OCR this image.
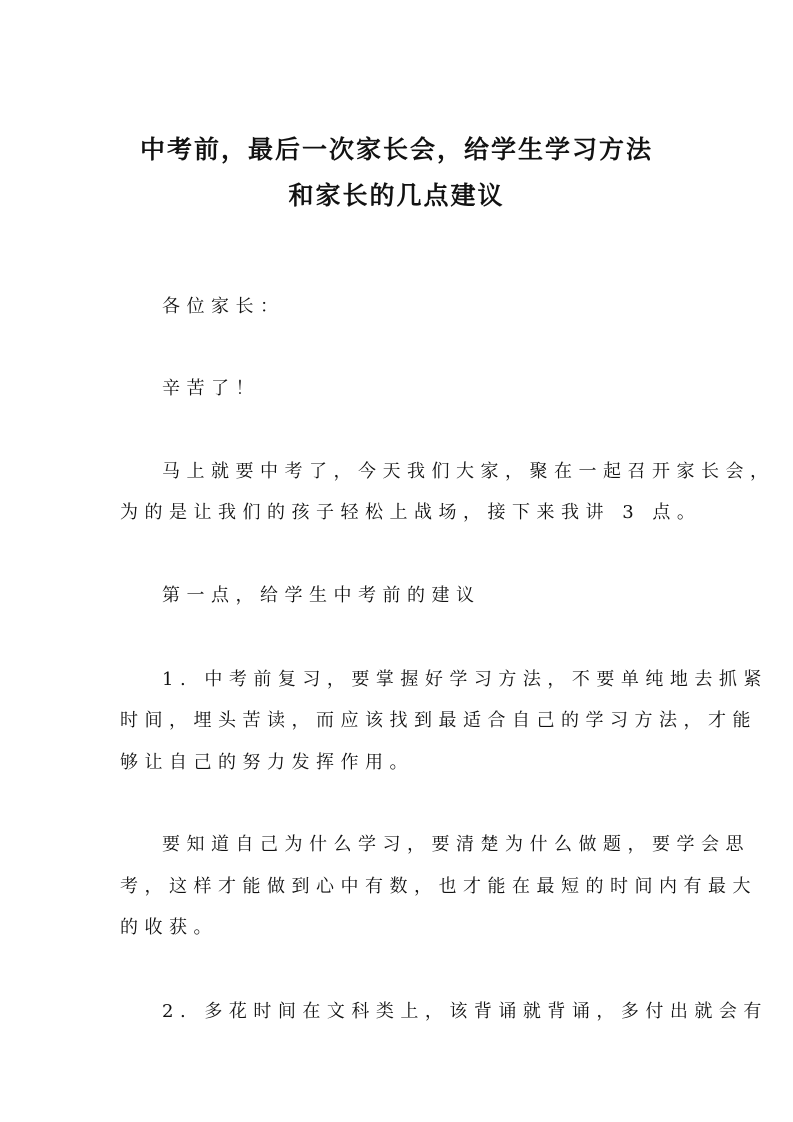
中考前，最后一次家长会，给学生学习方法
和家长的几点建议
各位家长：
辛苦了！
马上就要中考了，今天我们大家，聚在一起召开家长会，
为的是让我们的孩子轻松上战场，接下来我讲 3 点。
第一点，给学生中考前的建议
1. 中考前复习，要掌握好学习方法，不要单纯地去抓紧
时间，埋头苦读，而应该找到最适合自己的学习方法，才能
够让自己的努力发挥作用。
要知道自己为什么学习，要清楚为什么做题，要学会思
考，这样才能做到心中有数，也才能在最短的时间内有最大
的收获。
2. 多花时间在文科类上，该背诵就背诵，多付出就会有
